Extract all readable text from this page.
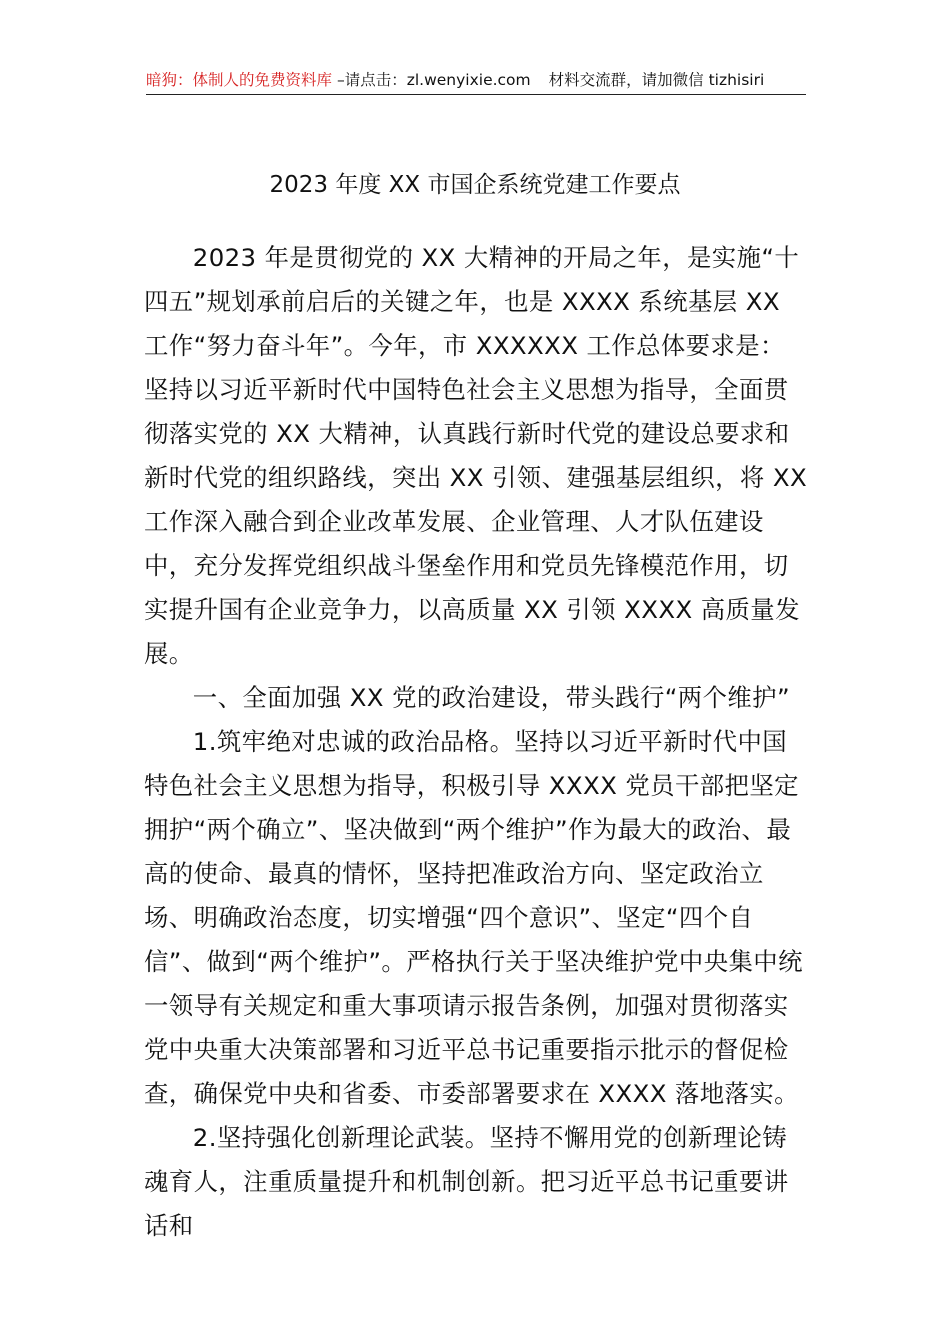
暗狗：体制人的免费资料库 –请点击：zl.wenyixie.com 材料交流群，请加微信 tizhisiri
2023 年度 XX 市国企系统党建工作要点

2023 年是贯彻党的 XX 大精神的开局之年，是实施“十四五”规划承前启后的关键之年，也是 XXXX 系统基层 XX 工作“努力奋斗年”。今年，市 XXXXXX 工作总体要求是：坚持以习近平新时代中国特色社会主义思想为指导，全面贯彻落实党的 XX 大精神，认真践行新时代党的建设总要求和新时代党的组织路线，突出 XX 引领、建强基层组织，将 XX 工作深入融合到企业改革发展、企业管理、人才队伍建设中，充分发挥党组织战斗堡垒作用和党员先锋模范作用，切实提升国有企业竞争力，以高质量 XX 引领 XXXX 高质量发展。

一、全面加强 XX 党的政治建设，带头践行“两个维护”

1.筑牢绝对忠诚的政治品格。坚持以习近平新时代中国特色社会主义思想为指导，积极引导 XXXX 党员干部把坚定拥护“两个确立”、坚决做到“两个维护”作为最大的政治、最高的使命、最真的情怀，坚持把准政治方向、坚定政治立场、明确政治态度，切实增强“四个意识”、坚定“四个自信”、做到“两个维护”。严格执行关于坚决维护党中央集中统一领导有关规定和重大事项请示报告条例，加强对贯彻落实党中央重大决策部署和习近平总书记重要指示批示的督促检查，确保党中央和省委、市委部署要求在 XXXX 落地落实。

2.坚持强化创新理论武装。坚持不懈用党的创新理论铸魂育人，注重质量提升和机制创新。把习近平总书记重要讲话和
